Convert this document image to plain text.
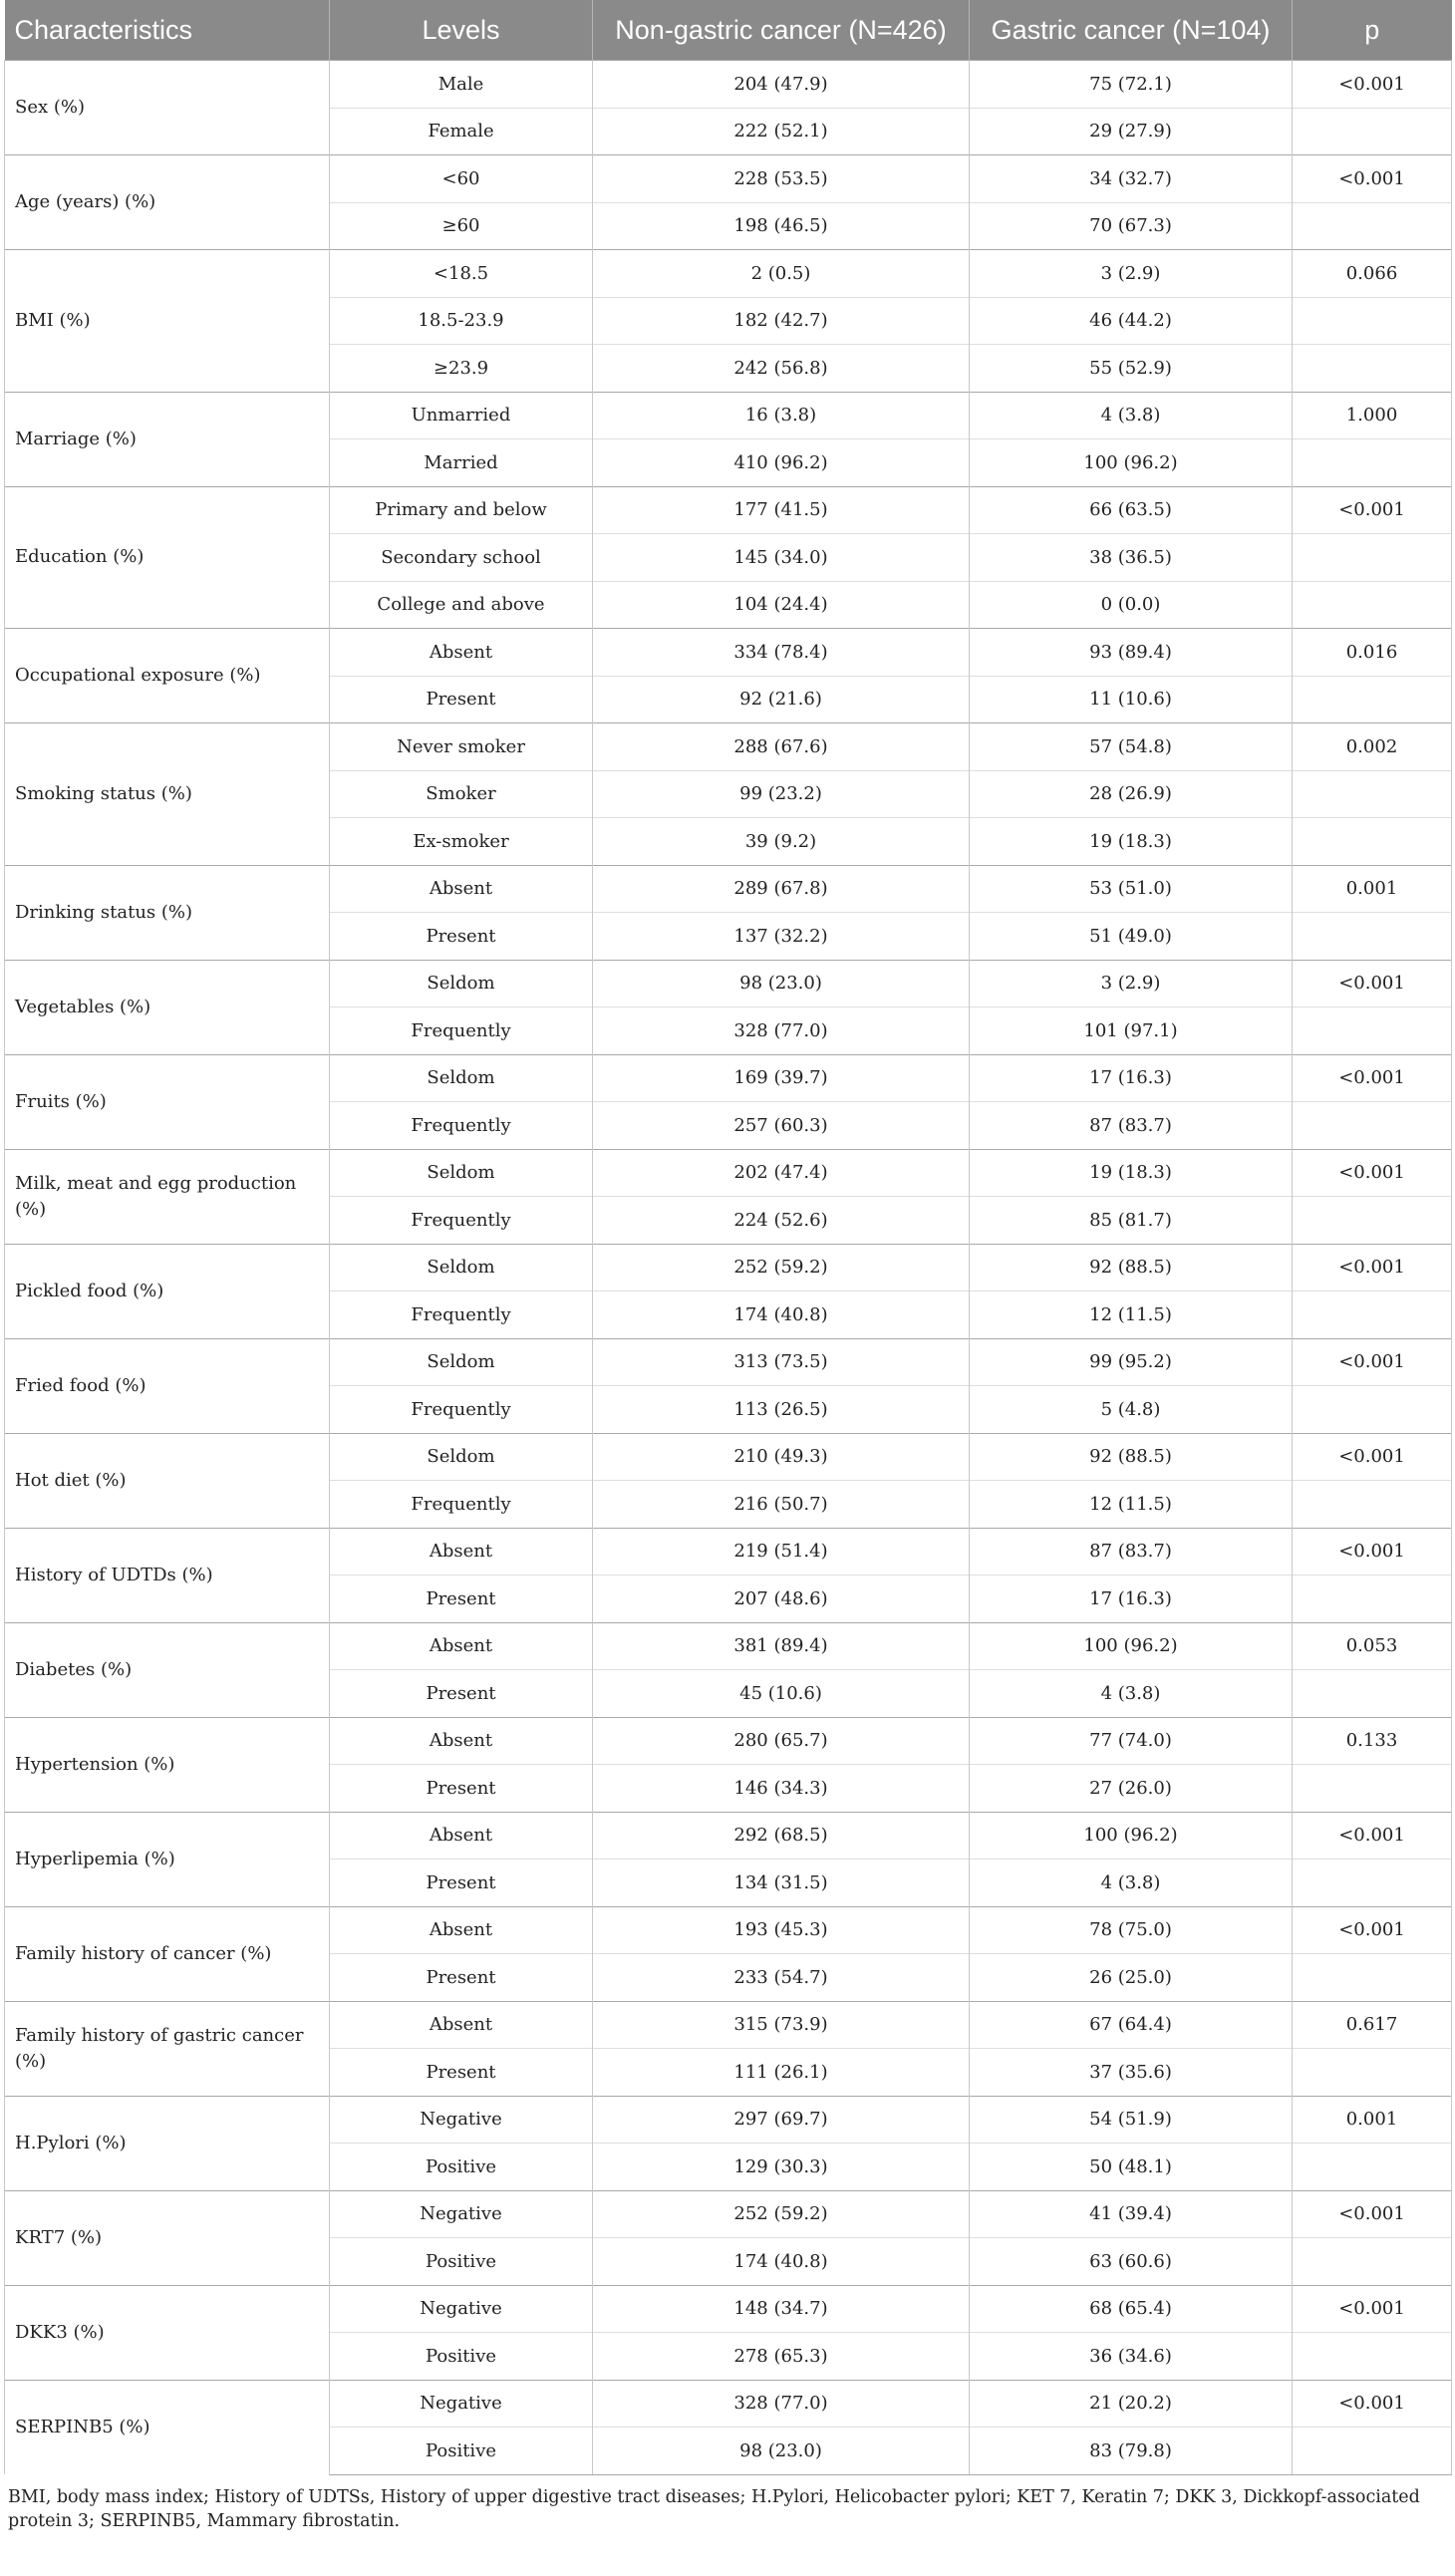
Characteristics	Levels	Non-gastric cancer (N=426)	Gastric cancer (N=104)	p
Sex (%)	Male	204 (47.9)	75 (72.1)	<0.001
	Female	222 (52.1)	29 (27.9)	
Age (years) (%)	<60	228 (53.5)	34 (32.7)	<0.001
	≥60	198 (46.5)	70 (67.3)	
BMI (%)	<18.5	2 (0.5)	3 (2.9)	0.066
	18.5-23.9	182 (42.7)	46 (44.2)	
	≥23.9	242 (56.8)	55 (52.9)	
Marriage (%)	Unmarried	16 (3.8)	4 (3.8)	1.000
	Married	410 (96.2)	100 (96.2)	
Education (%)	Primary and below	177 (41.5)	66 (63.5)	<0.001
	Secondary school	145 (34.0)	38 (36.5)	
	College and above	104 (24.4)	0 (0.0)	
Occupational exposure (%)	Absent	334 (78.4)	93 (89.4)	0.016
	Present	92 (21.6)	11 (10.6)	
Smoking status (%)	Never smoker	288 (67.6)	57 (54.8)	0.002
	Smoker	99 (23.2)	28 (26.9)	
	Ex-smoker	39 (9.2)	19 (18.3)	
Drinking status (%)	Absent	289 (67.8)	53 (51.0)	0.001
	Present	137 (32.2)	51 (49.0)	
Vegetables (%)	Seldom	98 (23.0)	3 (2.9)	<0.001
	Frequently	328 (77.0)	101 (97.1)	
Fruits (%)	Seldom	169 (39.7)	17 (16.3)	<0.001
	Frequently	257 (60.3)	87 (83.7)	
Milk, meat and egg production (%)	Seldom	202 (47.4)	19 (18.3)	<0.001
	Frequently	224 (52.6)	85 (81.7)	
Pickled food (%)	Seldom	252 (59.2)	92 (88.5)	<0.001
	Frequently	174 (40.8)	12 (11.5)	
Fried food (%)	Seldom	313 (73.5)	99 (95.2)	<0.001
	Frequently	113 (26.5)	5 (4.8)	
Hot diet (%)	Seldom	210 (49.3)	92 (88.5)	<0.001
	Frequently	216 (50.7)	12 (11.5)	
History of UDTDs (%)	Absent	219 (51.4)	87 (83.7)	<0.001
	Present	207 (48.6)	17 (16.3)	
Diabetes (%)	Absent	381 (89.4)	100 (96.2)	0.053
	Present	45 (10.6)	4 (3.8)	
Hypertension (%)	Absent	280 (65.7)	77 (74.0)	0.133
	Present	146 (34.3)	27 (26.0)	
Hyperlipemia (%)	Absent	292 (68.5)	100 (96.2)	<0.001
	Present	134 (31.5)	4 (3.8)	
Family history of cancer (%)	Absent	193 (45.3)	78 (75.0)	<0.001
	Present	233 (54.7)	26 (25.0)	
Family history of gastric cancer (%)	Absent	315 (73.9)	67 (64.4)	0.617
	Present	111 (26.1)	37 (35.6)	
H.Pylori (%)	Negative	297 (69.7)	54 (51.9)	0.001
	Positive	129 (30.3)	50 (48.1)	
KRT7 (%)	Negative	252 (59.2)	41 (39.4)	<0.001
	Positive	174 (40.8)	63 (60.6)	
DKK3 (%)	Negative	148 (34.7)	68 (65.4)	<0.001
	Positive	278 (65.3)	36 (34.6)	
SERPINB5 (%)	Negative	328 (77.0)	21 (20.2)	<0.001
	Positive	98 (23.0)	83 (79.8)	
BMI, body mass index; History of UDTSs, History of upper digestive tract diseases; H.Pylori, Helicobacter pylori; KET 7, Keratin 7; DKK 3, Dickkopf-associated protein 3; SERPINB5, Mammary fibrostatin.
